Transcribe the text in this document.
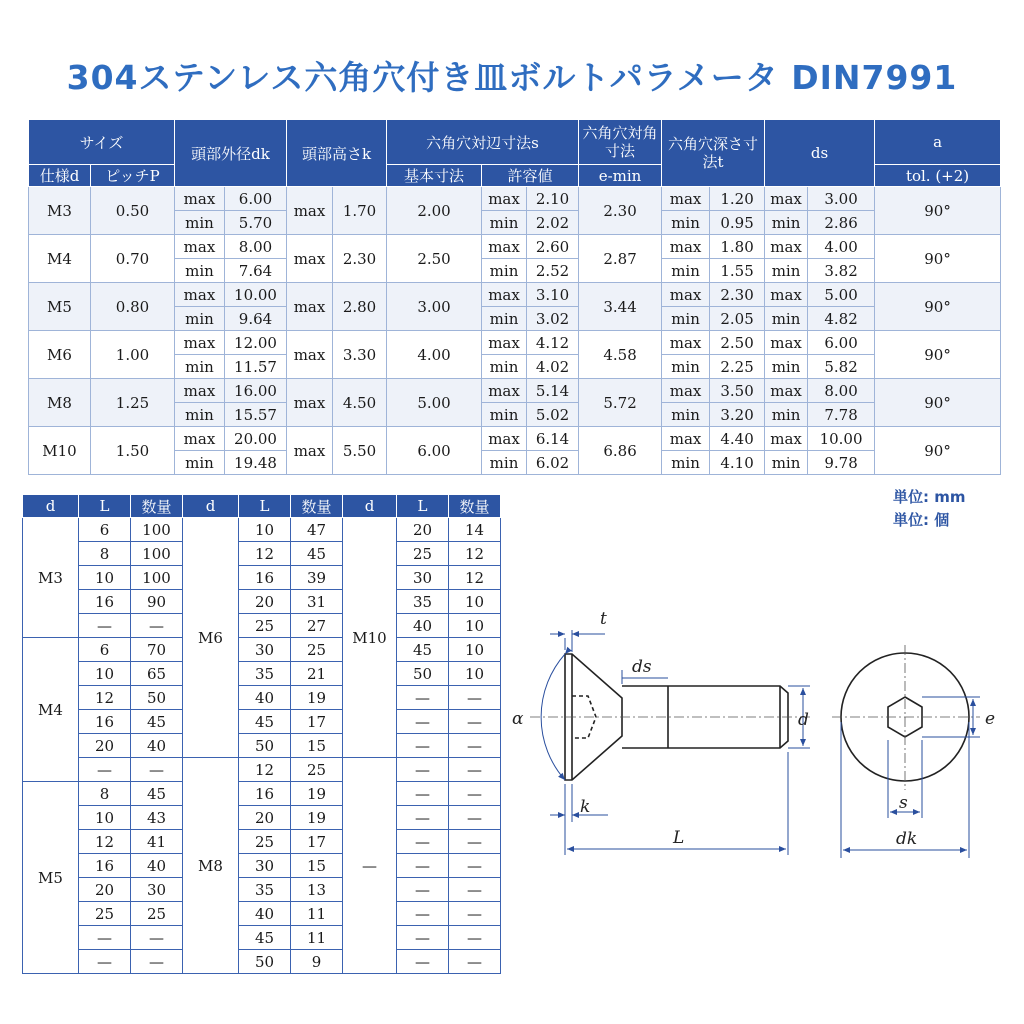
304ステンレス六角穴付き皿ボルトパラメータ DIN7991
サイズ		頭部外径dk		頭部高さk		六角穴対辺寸法s			六角穴対角寸法	六角穴深さ寸法t		ds		a
仕様d	ピッチP					基本寸法	許容値		e-min					tol. (+2)
M3	0.50	max	6.00	max	1.70	2.00	max	2.10	2.30	max	1.20	max	3.00	90°
		min	5.70				min	2.02		min	0.95	min	2.86	
M4	0.70	max	8.00	max	2.30	2.50	max	2.60	2.87	max	1.80	max	4.00	90°
		min	7.64				min	2.52		min	1.55	min	3.82	
M5	0.80	max	10.00	max	2.80	3.00	max	3.10	3.44	max	2.30	max	5.00	90°
		min	9.64				min	3.02		min	2.05	min	4.82	
M6	1.00	max	12.00	max	3.30	4.00	max	4.12	4.58	max	2.50	max	6.00	90°
		min	11.57				min	4.02		min	2.25	min	5.82	
M8	1.25	max	16.00	max	4.50	5.00	max	5.14	5.72	max	3.50	max	8.00	90°
		min	15.57				min	5.02		min	3.20	min	7.78	
M10	1.50	max	20.00	max	5.50	6.00	max	6.14	6.86	max	4.40	max	10.00	90°
		min	19.48				min	6.02		min	4.10	min	9.78	
d	L	数量	d	L	数量	d	L	数量
M3	6	100	M6	10	47	M10	20	14
	8	100		12	45		25	12
	10	100		16	39		30	12
	16	90		20	31		35	10
	—	—		25	27		40	10
M4	6	70		30	25		45	10
	10	65		35	21		50	10
	12	50		40	19		—	—
	16	45		45	17		—	—
	20	40		50	15		—	—
	—	—	M8	12	25	—	—	—
M5	8	45		16	19		—	—
	10	43		20	19		—	—
	12	41		25	17		—	—
	16	40		30	15		—	—
	20	30		35	13		—	—
	25	25		40	11		—	—
	—	—		45	11		—	—
	—	—		50	9		—	—
単位: mm
単位: 個
t
ds
α	d
k
L
e
s
dk
